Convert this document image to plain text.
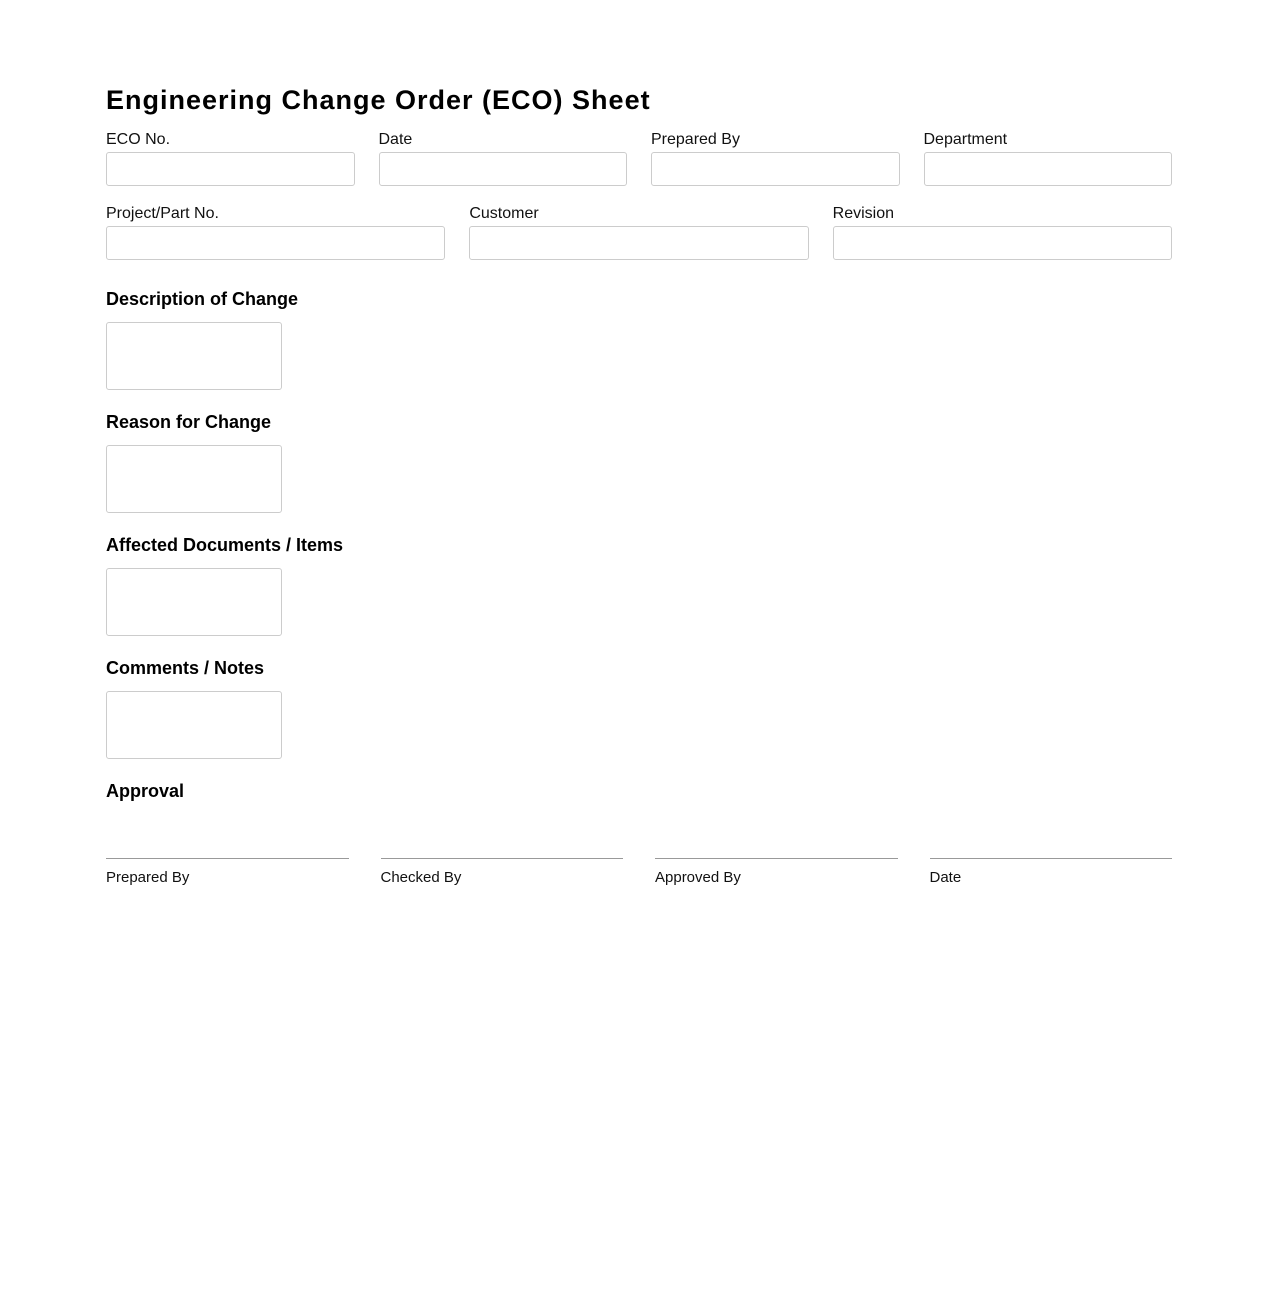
Engineering Change Order (ECO) Sheet
ECO No.	Date	Prepared By	Department
Project/Part No.	Customer	Revision
Description of Change
Reason for Change
Affected Documents / Items
Comments / Notes
Approval
Prepared By	Checked By	Approved By	Date
